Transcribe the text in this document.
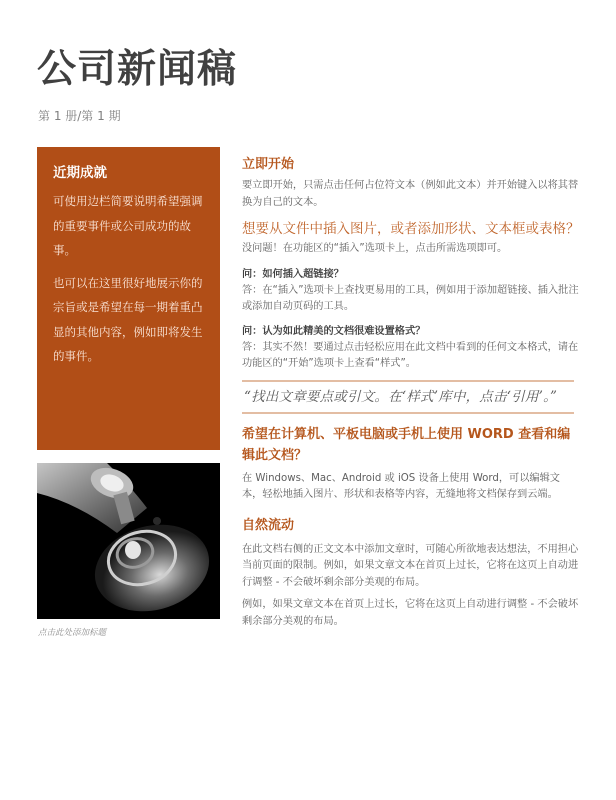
公司新闻稿
第 1 册/第 1 期
近期成就
可使用边栏简要说明希望强调的重要事件或公司成功的故事。
也可以在这里很好地展示你的宗旨或是希望在每一期着重凸显的其他内容，例如即将发生的事件。
点击此处添加标题
立即开始
要立即开始，只需点击任何占位符文本（例如此文本）并开始键入以将其替换为自己的文本。
想要从文件中插入图片，或者添加形状、文本框或表格？
没问题！在功能区的“插入”选项卡上，点击所需选项即可。
问：如何插入超链接？
答：在“插入”选项卡上查找更易用的工具，例如用于添加超链接、插入批注或添加自动页码的工具。
问：认为如此精美的文档很难设置格式？
答：其实不然！要通过点击轻松应用在此文档中看到的任何文本格式，请在功能区的“开始”选项卡上查看“样式”。
“找出文章要点或引文。在‘样式’库中，点击‘引用’。”
希望在计算机、平板电脑或手机上使用 WORD 查看和编辑此文档？
在 Windows、Mac、Android 或 iOS 设备上使用 Word，可以编辑文本，轻松地插入图片、形状和表格等内容，无缝地将文档保存到云端。
自然流动
在此文档右侧的正文文本中添加文章时，可随心所欲地表达想法，不用担心当前页面的限制。例如，如果文章文本在首页上过长，它将在这页上自动进行调整 - 不会破坏剩余部分美观的布局。
例如，如果文章文本在首页上过长，它将在这页上自动进行调整 - 不会破坏剩余部分美观的布局。
